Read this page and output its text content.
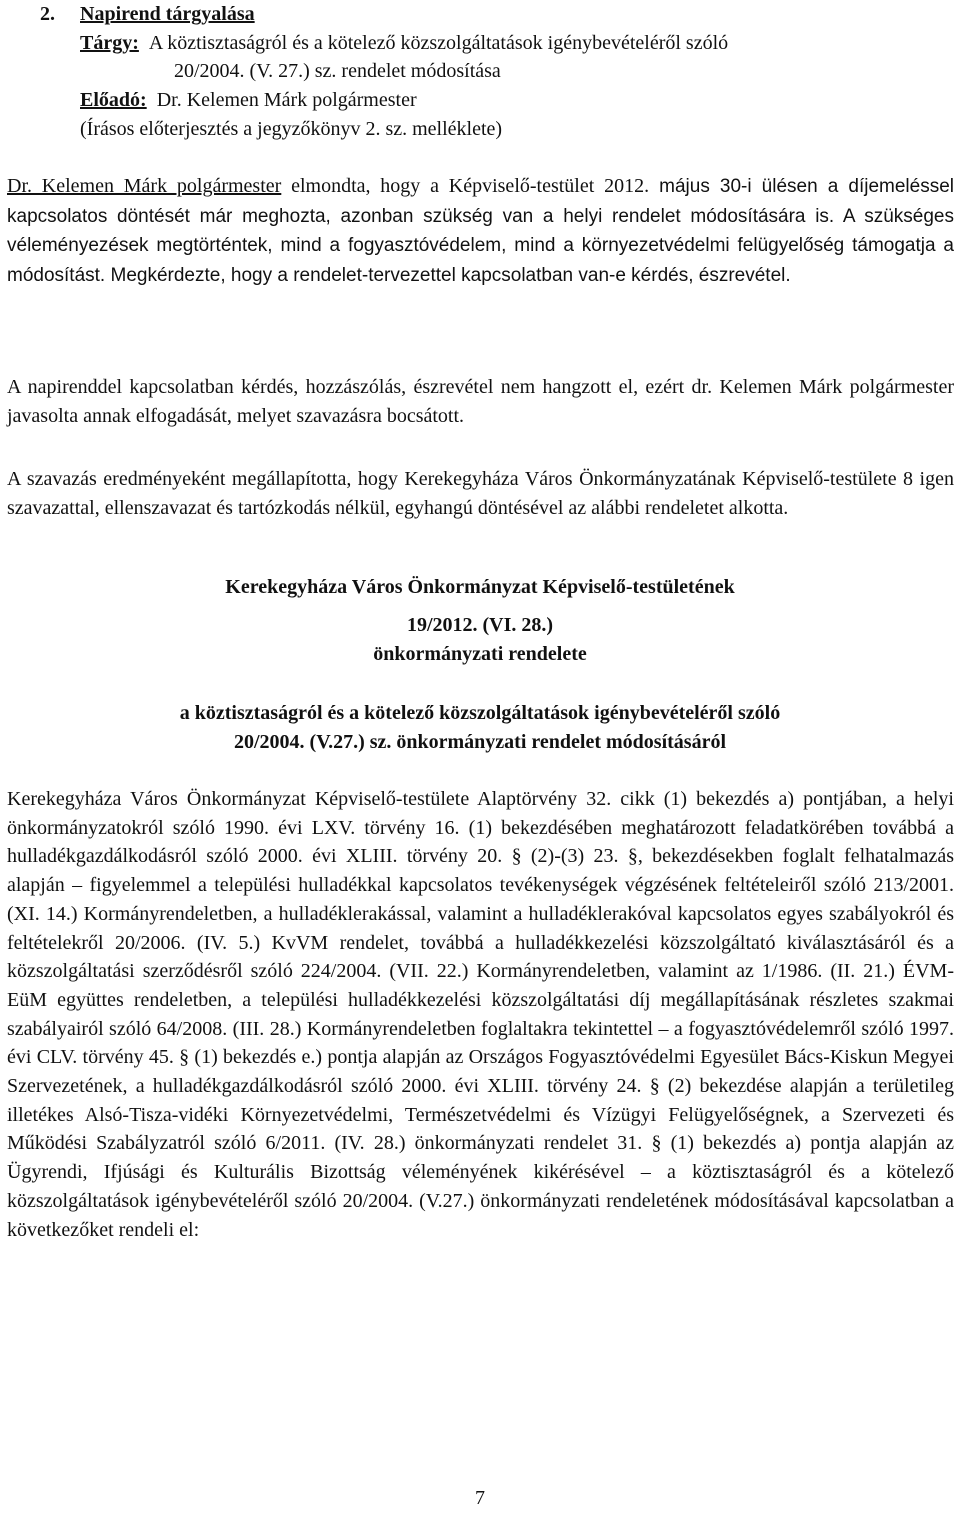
2. Napirend tárgyalása
Tárgy: A köztisztaságról és a kötelező közszolgáltatások igénybevételéről szóló
20/2004. (V. 27.) sz. rendelet módosítása
Előadó: Dr. Kelemen Márk polgármester
(Írásos előterjesztés a jegyzőkönyv 2. sz. melléklete)

Dr. Kelemen Márk polgármester elmondta, hogy a Képviselő-testület 2012. május 30-i ülésen a díjemeléssel kapcsolatos döntését már meghozta, azonban szükség van a helyi rendelet módosítására is. A szükséges véleményezések megtörténtek, mind a fogyasztóvédelem, mind a környezetvédelmi felügyelőség támogatja a módosítást. Megkérdezte, hogy a rendelet-tervezettel kapcsolatban van-e kérdés, észrevétel.

A napirenddel kapcsolatban kérdés, hozzászólás, észrevétel nem hangzott el, ezért dr. Kelemen Márk polgármester javasolta annak elfogadását, melyet szavazásra bocsátott.

A szavazás eredményeként megállapította, hogy Kerekegyháza Város Önkormányzatának Képviselő-testülete 8 igen szavazattal, ellenszavazat és tartózkodás nélkül, egyhangú döntésével az alábbi rendeletet alkotta.

Kerekegyháza Város Önkormányzat Képviselő-testületének
19/2012. (VI. 28.)
önkormányzati rendelete
a köztisztaságról és a kötelező közszolgáltatások igénybevételéről szóló
20/2004. (V.27.) sz. önkormányzati rendelet módosításáról

Kerekegyháza Város Önkormányzat Képviselő-testülete Alaptörvény 32. cikk (1) bekezdés a) pontjában, a helyi önkormányzatokról szóló 1990. évi LXV. törvény 16. (1) bekezdésében meghatározott feladatkörében továbbá a hulladékgazdálkodásról szóló 2000. évi XLIII. törvény 20. § (2)-(3) 23. §, bekezdésekben foglalt felhatalmazás alapján – figyelemmel a települési hulladékkal kapcsolatos tevékenységek végzésének feltételeiről szóló 213/2001. (XI. 14.) Kormányrendeletben, a hulladéklerakással, valamint a hulladéklerakóval kapcsolatos egyes szabályokról és feltételekről 20/2006. (IV. 5.) KvVM rendelet, továbbá a hulladékkezelési közszolgáltató kiválasztásáról és a közszolgáltatási szerződésről szóló 224/2004. (VII. 22.) Kormányrendeletben, valamint az 1/1986. (II. 21.) ÉVM-EüM együttes rendeletben, a települési hulladékkezelési közszolgáltatási díj megállapításának részletes szakmai szabályairól szóló 64/2008. (III. 28.) Kormányrendeletben foglaltakra tekintettel – a fogyasztóvédelemről szóló 1997. évi CLV. törvény 45. § (1) bekezdés e.) pontja alapján az Országos Fogyasztóvédelmi Egyesület Bács-Kiskun Megyei Szervezetének, a hulladékgazdálkodásról szóló 2000. évi XLIII. törvény 24. § (2) bekezdése alapján a területileg illetékes Alsó-Tisza-vidéki Környezetvédelmi, Természetvédelmi és Vízügyi Felügyelőségnek, a Szervezeti és Működési Szabályzatról szóló 6/2011. (IV. 28.) önkormányzati rendelet 31. § (1) bekezdés a) pontja alapján az Ügyrendi, Ifjúsági és Kulturális Bizottság véleményének kikérésével – a köztisztaságról és a kötelező közszolgáltatások igénybevételéről szóló 20/2004. (V.27.) önkormányzati rendeletének módosításával kapcsolatban a következőket rendeli el:

7
